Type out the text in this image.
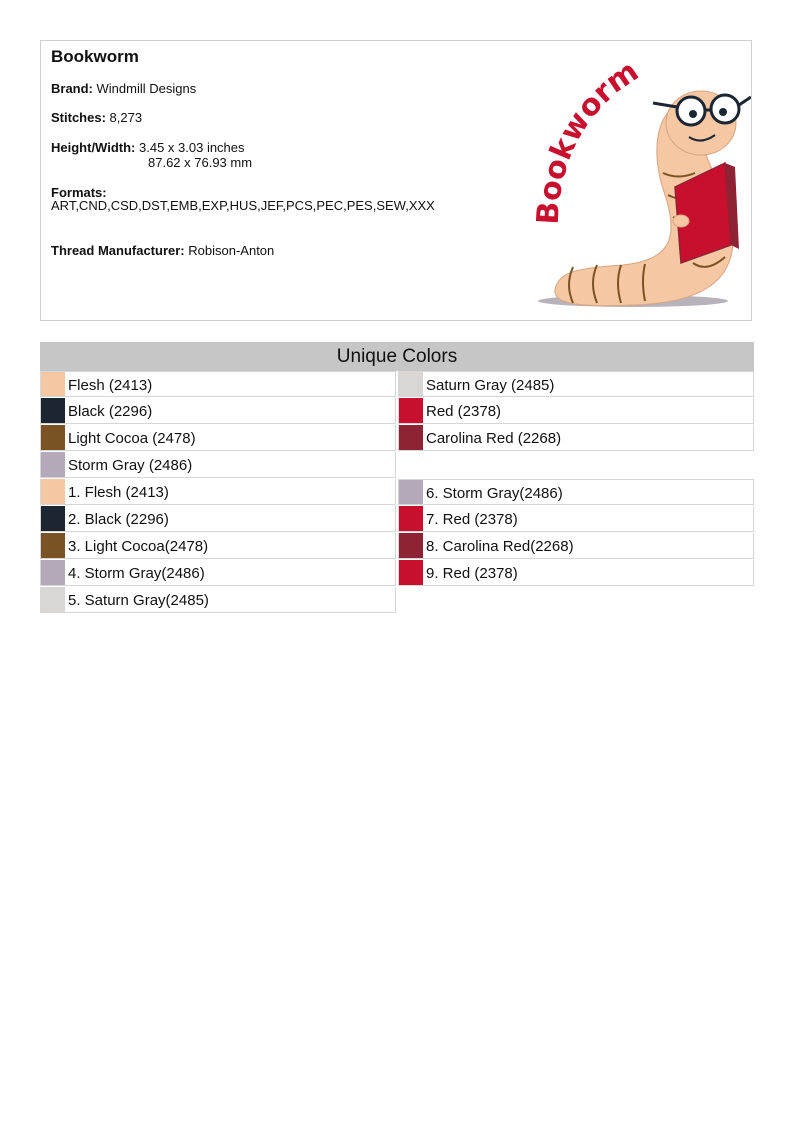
Bookworm
Brand: Windmill Designs
Stitches: 8,273
Height/Width: 3.45 x 3.03 inches
87.62 x 76.93 mm
Formats:
ART,CND,CSD,DST,EMB,EXP,HUS,JEF,PCS,PEC,PES,SEW,XXX
Thread Manufacturer: Robison-Anton
Bookworm
Unique Colors
Flesh (2413)
Black (2296)
Light Cocoa (2478)
Storm Gray (2486)
Saturn Gray (2485)
Red (2378)
Carolina Red (2268)
1. Flesh (2413)
2. Black (2296)
3. Light Cocoa(2478)
4. Storm Gray(2486)
5. Saturn Gray(2485)
6. Storm Gray(2486)
7. Red (2378)
8. Carolina Red(2268)
9. Red (2378)
